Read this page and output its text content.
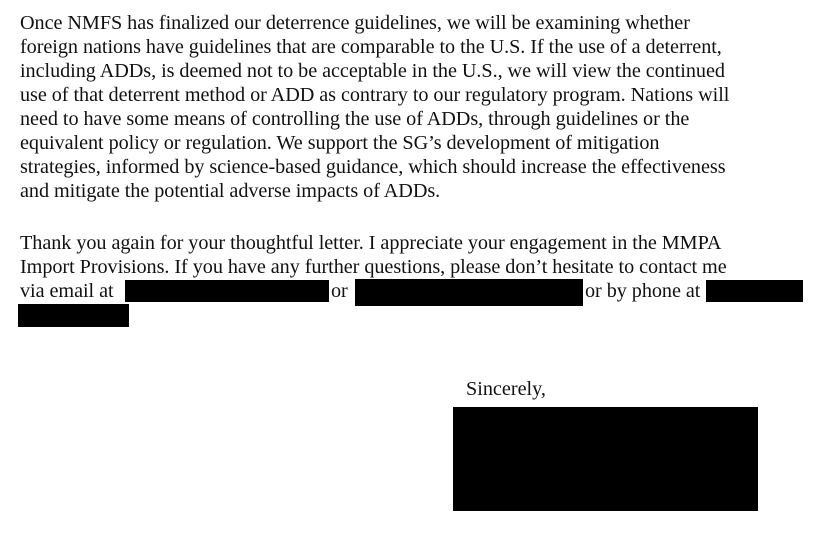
Once NMFS has finalized our deterrence guidelines, we will be examining whether
foreign nations have guidelines that are comparable to the U.S. If the use of a deterrent,
including ADDs, is deemed not to be acceptable in the U.S., we will view the continued
use of that deterrent method or ADD as contrary to our regulatory program. Nations will
need to have some means of controlling the use of ADDs, through guidelines or the
equivalent policy or regulation. We support the SG’s development of mitigation
strategies, informed by science-based guidance, which should increase the effectiveness
and mitigate the potential adverse impacts of ADDs.
Thank you again for your thoughtful letter. I appreciate your engagement in the MMPA
Import Provisions. If you have any further questions, please don’t hesitate to contact me
via email at	or	or by phone at
Sincerely,
